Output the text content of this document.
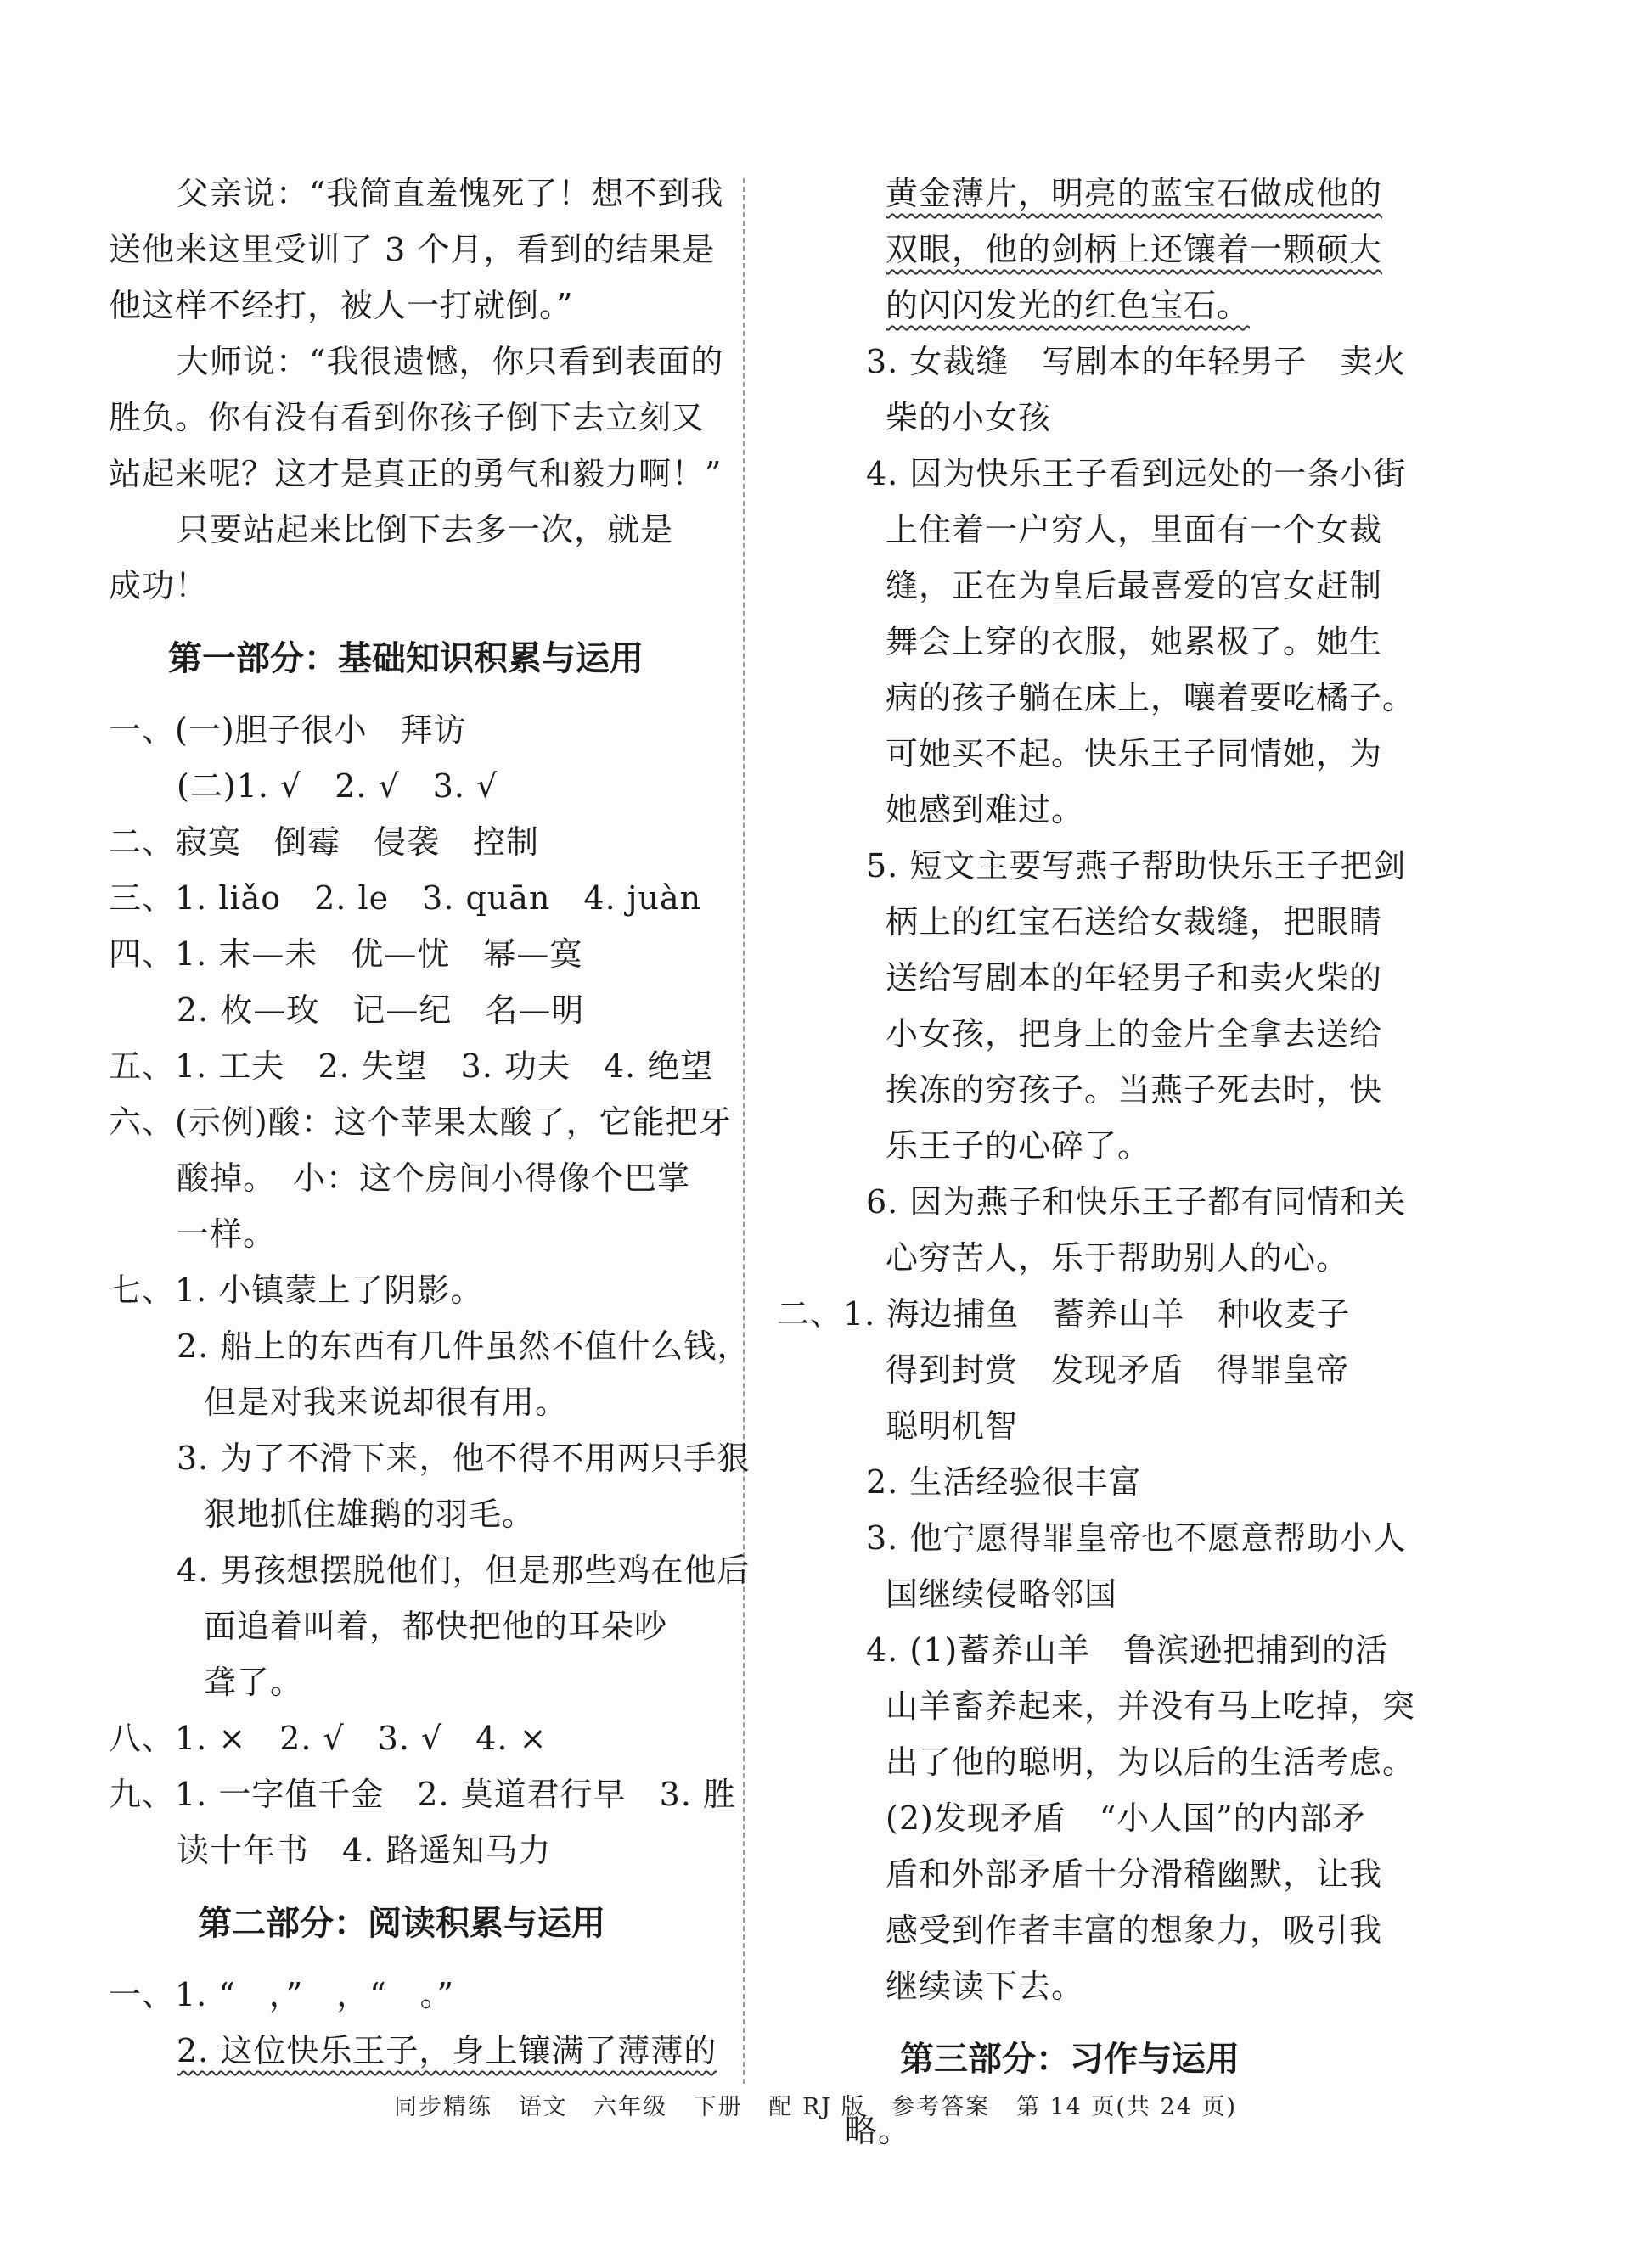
父亲说：“我简直羞愧死了！想不到我
送他来这里受训了 3 个月，看到的结果是
他这样不经打，被人一打就倒。”
大师说：“我很遗憾，你只看到表面的
胜负。你有没有看到你孩子倒下去立刻又
站起来呢？这才是真正的勇气和毅力啊！”
只要站起来比倒下去多一次，就是
成功！
第一部分：基础知识积累与运用
一、(一)胆子很小　拜访
(二)1. √　2. √　3. √
二、寂寞　倒霉　侵袭　控制
三、1. liǎo　2. le　3. quān　4. juàn
四、1. 末—未　优—忧　幂—寞
2. 枚—玫　记—纪　名—明
五、1. 工夫　2. 失望　3. 功夫　4. 绝望
六、(示例)酸：这个苹果太酸了，它能把牙
酸掉。　小：这个房间小得像个巴掌
一样。
七、1. 小镇蒙上了阴影。
2. 船上的东西有几件虽然不值什么钱，
但是对我来说却很有用。
3. 为了不滑下来，他不得不用两只手狠
狠地抓住雄鹅的羽毛。
4. 男孩想摆脱他们，但是那些鸡在他后
面追着叫着，都快把他的耳朵吵
聋了。
八、1. ×　2. √　3. √　4. ×
九、1. 一字值千金　2. 莫道君行早　3. 胜
读十年书　4. 路遥知马力
第二部分：阅读积累与运用
一、1. “　，”　，“　。”
2. 这位快乐王子，身上镶满了薄薄的
黄金薄片，明亮的蓝宝石做成他的
双眼，他的剑柄上还镶着一颗硕大
的闪闪发光的红色宝石。
3. 女裁缝　写剧本的年轻男子　卖火
柴的小女孩
4. 因为快乐王子看到远处的一条小街
上住着一户穷人，里面有一个女裁
缝，正在为皇后最喜爱的宫女赶制
舞会上穿的衣服，她累极了。她生
病的孩子躺在床上，嚷着要吃橘子。
可她买不起。快乐王子同情她，为
她感到难过。
5. 短文主要写燕子帮助快乐王子把剑
柄上的红宝石送给女裁缝，把眼睛
送给写剧本的年轻男子和卖火柴的
小女孩，把身上的金片全拿去送给
挨冻的穷孩子。当燕子死去时，快
乐王子的心碎了。
6. 因为燕子和快乐王子都有同情和关
心穷苦人，乐于帮助别人的心。
二、1. 海边捕鱼　蓄养山羊　种收麦子
得到封赏　发现矛盾　得罪皇帝
聪明机智
2. 生活经验很丰富
3. 他宁愿得罪皇帝也不愿意帮助小人
国继续侵略邻国
4. (1)蓄养山羊　鲁滨逊把捕到的活
山羊畜养起来，并没有马上吃掉，突
出了他的聪明，为以后的生活考虑。
(2)发现矛盾　“小人国”的内部矛
盾和外部矛盾十分滑稽幽默，让我
感受到作者丰富的想象力，吸引我
继续读下去。
第三部分：习作与运用
略。
同步精练 语文 六年级 下册 配 RJ 版 参考答案 第 14 页(共 24 页)
